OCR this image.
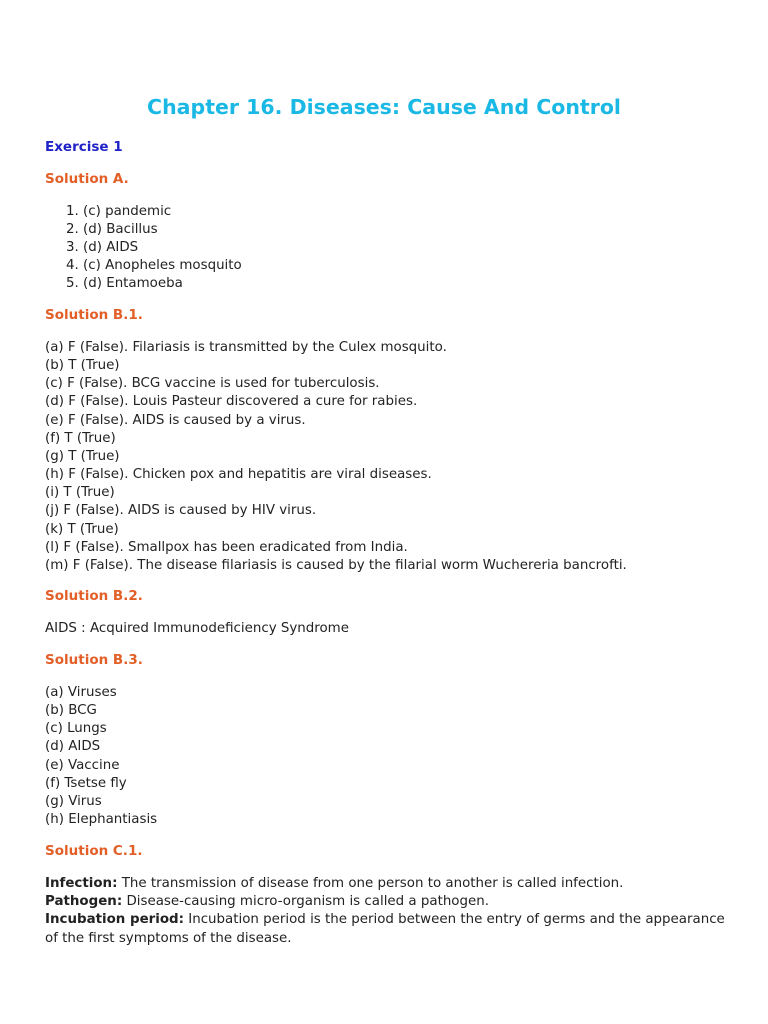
Chapter 16. Diseases: Cause And Control
Exercise 1
Solution A.
1. (c) pandemic
2. (d) Bacillus
3. (d) AIDS
4. (c) Anopheles mosquito
5. (d) Entamoeba
Solution B.1.
(a) F (False). Filariasis is transmitted by the Culex mosquito.
(b) T (True)
(c) F (False). BCG vaccine is used for tuberculosis.
(d) F (False). Louis Pasteur discovered a cure for rabies.
(e) F (False). AIDS is caused by a virus.
(f) T (True)
(g) T (True)
(h) F (False). Chicken pox and hepatitis are viral diseases.
(i) T (True)
(j) F (False). AIDS is caused by HIV virus.
(k) T (True)
(l) F (False). Smallpox has been eradicated from India.
(m) F (False). The disease filariasis is caused by the filarial worm Wuchereria bancrofti.
Solution B.2.
AIDS : Acquired Immunodeficiency Syndrome
Solution B.3.
(a) Viruses
(b) BCG
(c) Lungs
(d) AIDS
(e) Vaccine
(f) Tsetse fly
(g) Virus
(h) Elephantiasis
Solution C.1.

Infection: The transmission of disease from one person to another is called infection.

Pathogen: Disease-causing micro-organism is called a pathogen.

Incubation period: Incubation period is the period between the entry of germs and the appearance of the first symptoms of the disease.
